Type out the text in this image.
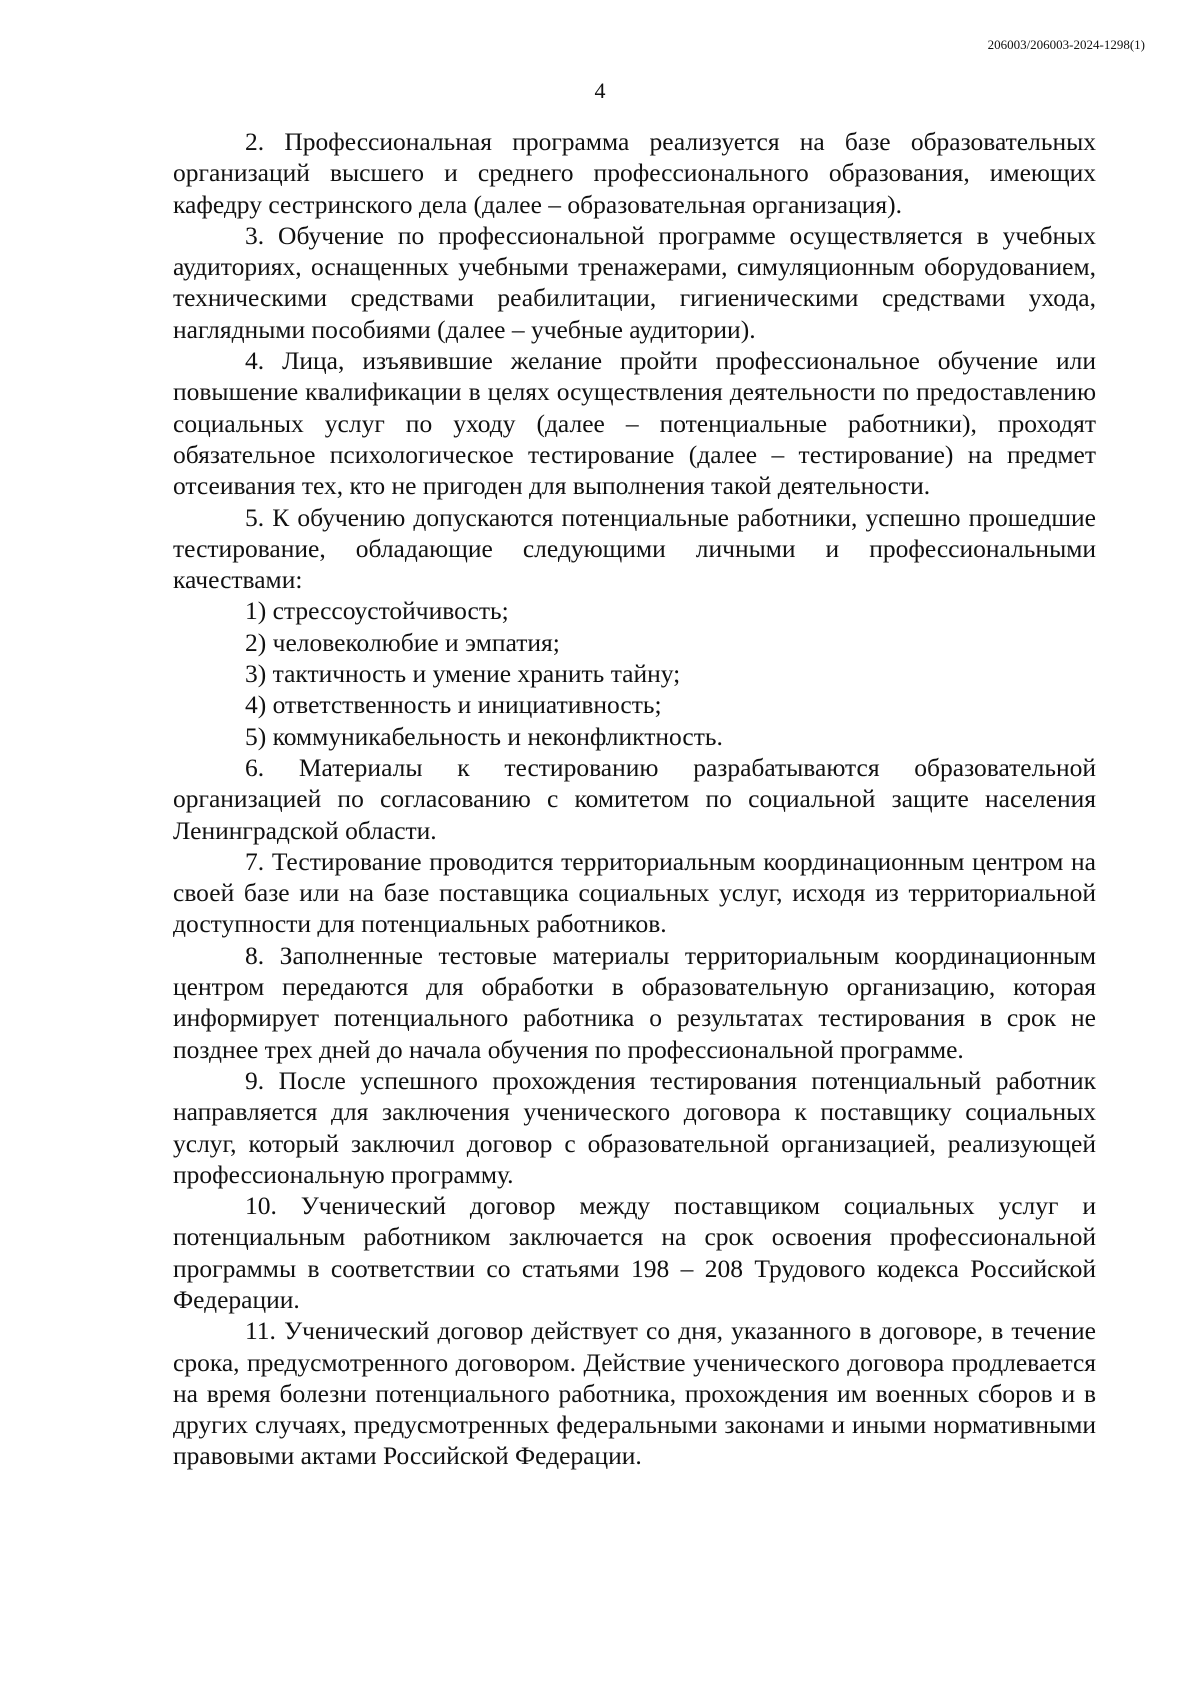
206003/206003-2024-1298(1)
4

2. Профессиональная программа реализуется на базе образовательных организаций высшего и среднего профессионального образования, имеющих кафедру сестринского дела (далее – образовательная организация).

3. Обучение по профессиональной программе осуществляется в учебных аудиториях, оснащенных учебными тренажерами, симуляционным оборудованием, техническими средствами реабилитации, гигиеническими средствами ухода, наглядными пособиями (далее – учебные аудитории).

4. Лица, изъявившие желание пройти профессиональное обучение или повышение квалификации в целях осуществления деятельности по предоставлению социальных услуг по уходу (далее – потенциальные работники), проходят обязательное психологическое тестирование (далее – тестирование) на предмет отсеивания тех, кто не пригоден для выполнения такой деятельности.

5. К обучению допускаются потенциальные работники, успешно прошедшие тестирование, обладающие следующими личными и профессиональными качествами:

1) стрессоустойчивость;

2) человеколюбие и эмпатия;

3) тактичность и умение хранить тайну;

4) ответственность и инициативность;

5) коммуникабельность и неконфликтность.

6. Материалы к тестированию разрабатываются образовательной организацией по согласованию с комитетом по социальной защите населения Ленинградской области.

7. Тестирование проводится территориальным координационным центром на своей базе или на базе поставщика социальных услуг, исходя из территориальной доступности для потенциальных работников.

8. Заполненные тестовые материалы территориальным координационным центром передаются для обработки в образовательную организацию, которая информирует потенциального работника о результатах тестирования в срок не позднее трех дней до начала обучения по профессиональной программе.

9. После успешного прохождения тестирования потенциальный работник направляется для заключения ученического договора к поставщику социальных услуг, который заключил договор с образовательной организацией, реализующей профессиональную программу.

10. Ученический договор между поставщиком социальных услуг и потенциальным работником заключается на срок освоения профессиональной программы в соответствии со статьями 198 – 208 Трудового кодекса Российской Федерации.

11. Ученический договор действует со дня, указанного в договоре, в течение срока, предусмотренного договором. Действие ученического договора продлевается на время болезни потенциального работника, прохождения им военных сборов и в других случаях, предусмотренных федеральными законами и иными нормативными правовыми актами Российской Федерации.
